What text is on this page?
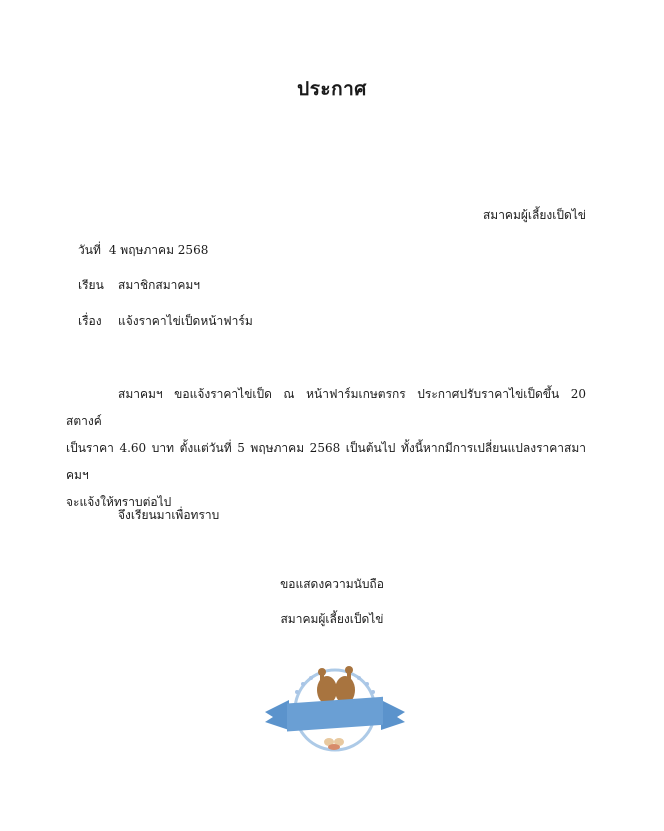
ประกาศ
สมาคมผู้เลี้ยงเป็ดไข่
วันที่ 4 พฤษภาคม 2568
เรียน สมาชิกสมาคมฯ
เรื่อง แจ้งราคาไข่เป็ดหน้าฟาร์ม
สมาคมฯ ขอแจ้งราคาไข่เป็ด ณ หน้าฟาร์มเกษตรกร ประกาศปรับราคาไข่เป็ดขึ้น 20 สตางค์
เป็นราคา 4.60 บาท ตั้งแต่วันที่ 5 พฤษภาคม 2568 เป็นต้นไป ทั้งนี้หากมีการเปลี่ยนแปลงราคาสมาคมฯ
จะแจ้งให้ทราบต่อไป
จึงเรียนมาเพื่อทราบ
ขอแสดงความนับถือ
สมาคมผู้เลี้ยงเป็ดไข่
